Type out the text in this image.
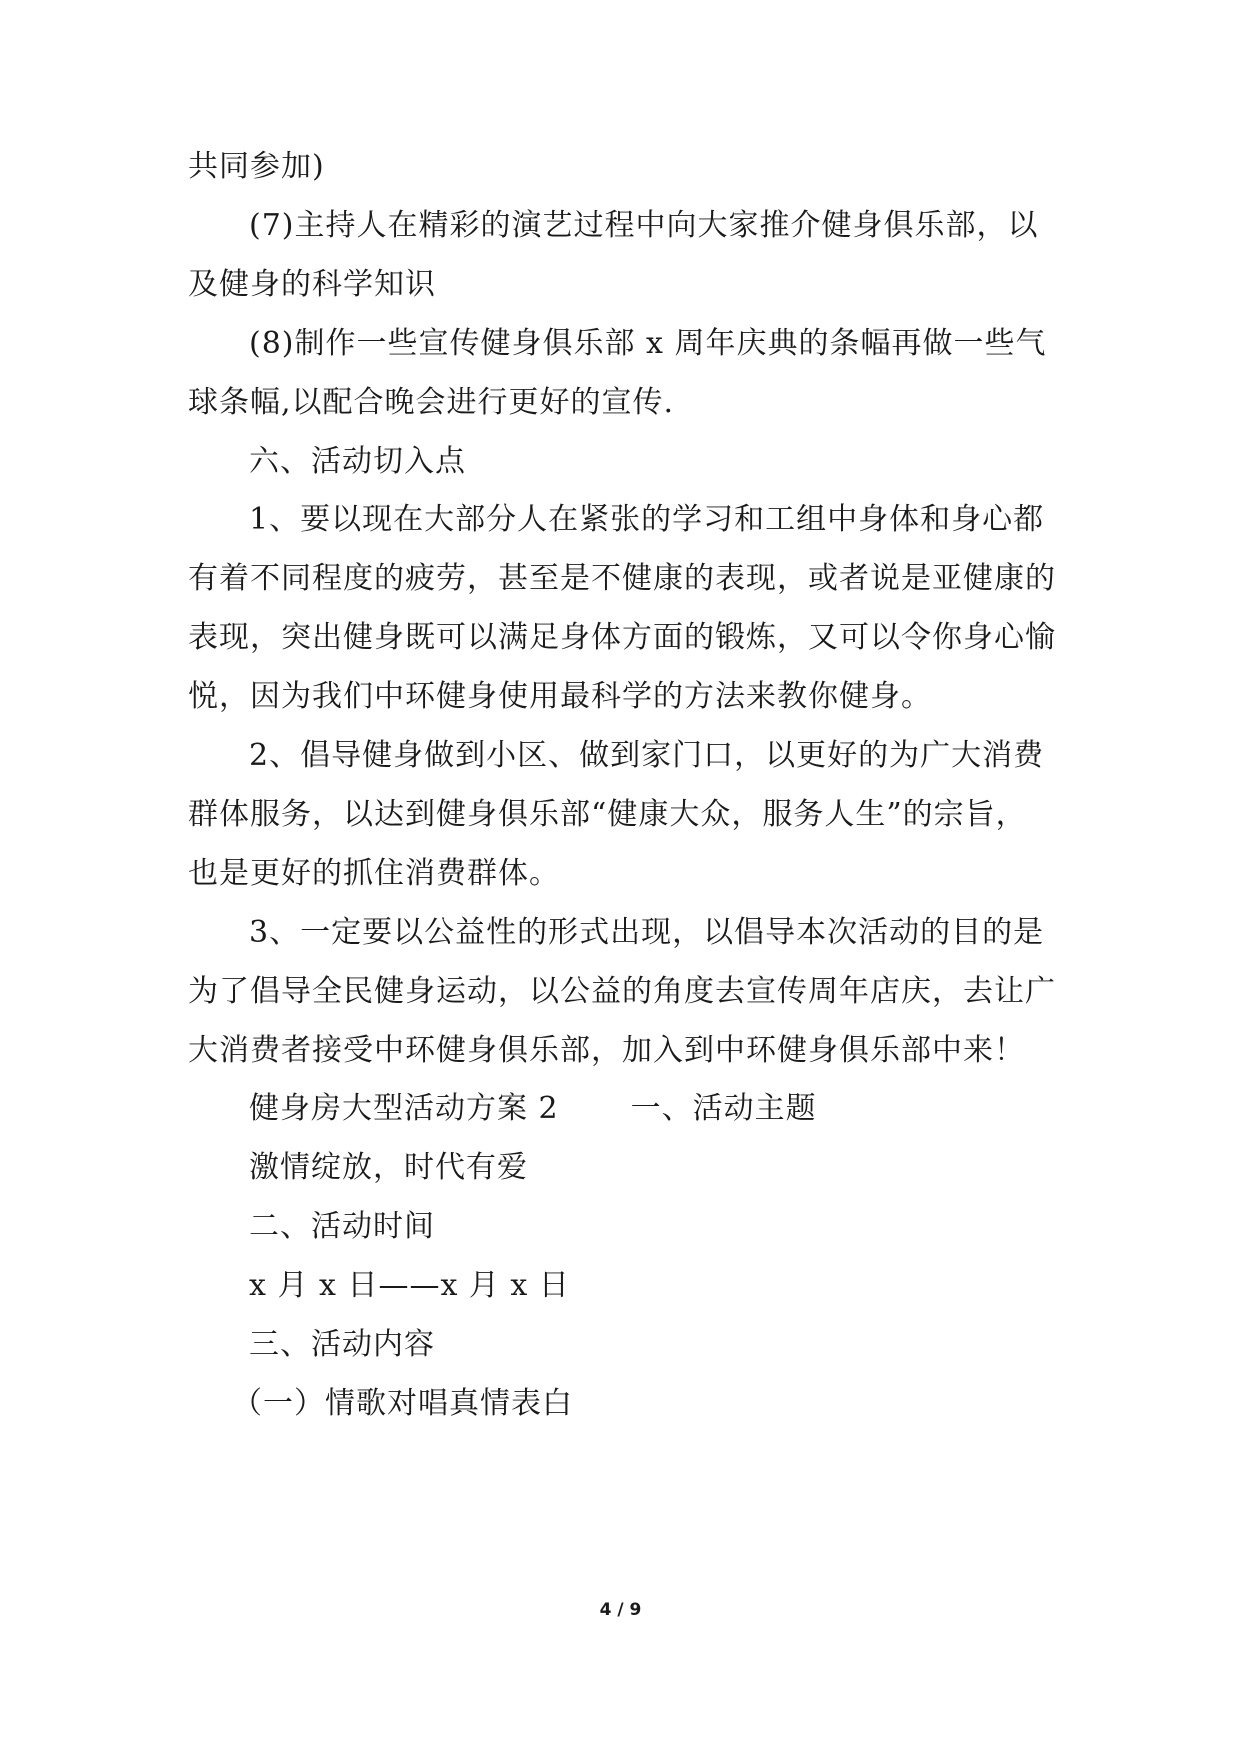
共同参加)
(7)主持人在精彩的演艺过程中向大家推介健身俱乐部，以
及健身的科学知识
(8)制作一些宣传健身俱乐部 x 周年庆典的条幅再做一些气
球条幅,以配合晚会进行更好的宣传.
六、活动切入点
1、要以现在大部分人在紧张的学习和工组中身体和身心都
有着不同程度的疲劳，甚至是不健康的表现，或者说是亚健康的
表现，突出健身既可以满足身体方面的锻炼，又可以令你身心愉
悦，因为我们中环健身使用最科学的方法来教你健身。
2、倡导健身做到小区、做到家门口，以更好的为广大消费
群体服务，以达到健身俱乐部“健康大众，服务人生”的宗旨，
也是更好的抓住消费群体。
3、一定要以公益性的形式出现，以倡导本次活动的目的是
为了倡导全民健身运动，以公益的角度去宣传周年店庆，去让广
大消费者接受中环健身俱乐部，加入到中环健身俱乐部中来！
健身房大型活动方案 2 一、活动主题
激情绽放，时代有爱
二、活动时间
x 月 x 日——x 月 x 日
三、活动内容
（一）情歌对唱真情表白
4 / 9
